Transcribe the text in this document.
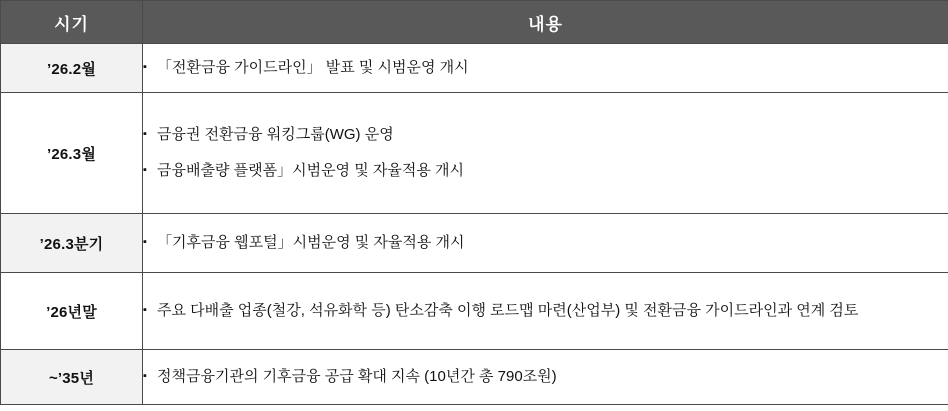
시기	내용
’26.2월	
▪「전환금융 가이드라인」 발표 및 시범운영 개시

’26.3월	
▪ 금융권 전환금융 워킹그룹(WG) 운영
▪ 금융배출량 플랫폼」시범운영 및 자율적용 개시

’26.3분기	
▪「기후금융 웹포털」시범운영 및 자율적용 개시

’26년말	
▪주요 다배출 업종(철강, 석유화학 등) 탄소감축 이행 로드맵 마련(산업부) 및 전환금융 가이드라인과 연계 검토

~’35년	
▪정책금융기관의 기후금융 공급 확대 지속 (10년간 총 790조원)
